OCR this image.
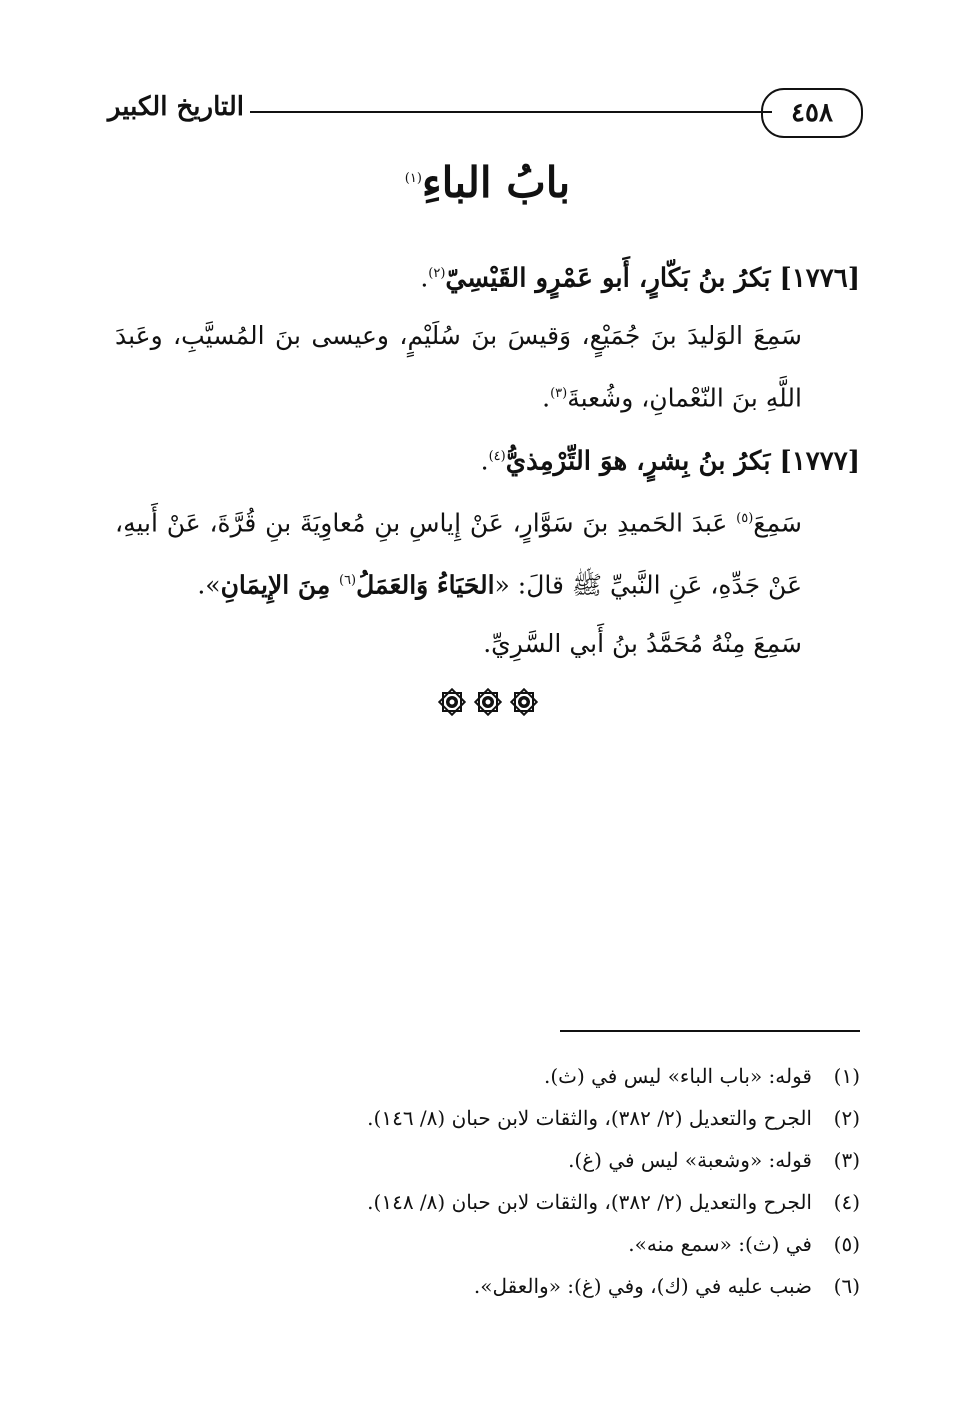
٤٥٨
التاريخ الكبير
بابُ الباءِ$^{(١)}$

[١٧٧٦] بَكرُ بنُ بَكّارٍ، أَبو عَمْرٍو القَيْسِيّ$^{(٢)}$.

سَمِعَ الوَليدَ بنَ جُمَيْعٍ، وَقيسَ بنَ سُلَيْمٍ، وعيسى بنَ المُسيَّبِ، وعَبدَ اللَّهِ بنَ النّعْمانِ، وشُعبةَ$^{(٣)}$.

[١٧٧٧] بَكرُ بنُ بِشرٍ، هوَ التِّرْمِذيُّ$^{(٤)}$.

سَمِعَ$^{(٥)}$ عَبدَ الحَميدِ بنَ سَوَّارٍ، عَنْ إِياسِ بنِ مُعاوِيَةَ بنِ قُرَّةَ، عَنْ أَبيهِ، عَنْ جَدِّهِ، عَنِ النَّبيِّ ﷺ قالَ: «الحَيَاءُ وَالعَمَلُ$^{(٦)}$ مِنَ الإِيمَانِ».

سَمِعَ مِنْهُ مُحَمَّدُ بنُ أَبي السَّرِيِّ.

(١)
قوله: «باب الباء» ليس في (ث).
(٢)
الجرح والتعديل (٢/ ٣٨٢)، والثقات لابن حبان (٨/ ١٤٦).
(٣)
قوله: «وشعبة» ليس في (غ).
(٤)
الجرح والتعديل (٢/ ٣٨٢)، والثقات لابن حبان (٨/ ١٤٨).
(٥)
في (ث): «سمع منه».
(٦)
ضبب عليه في (ك)، وفي (غ): «والعقل».
